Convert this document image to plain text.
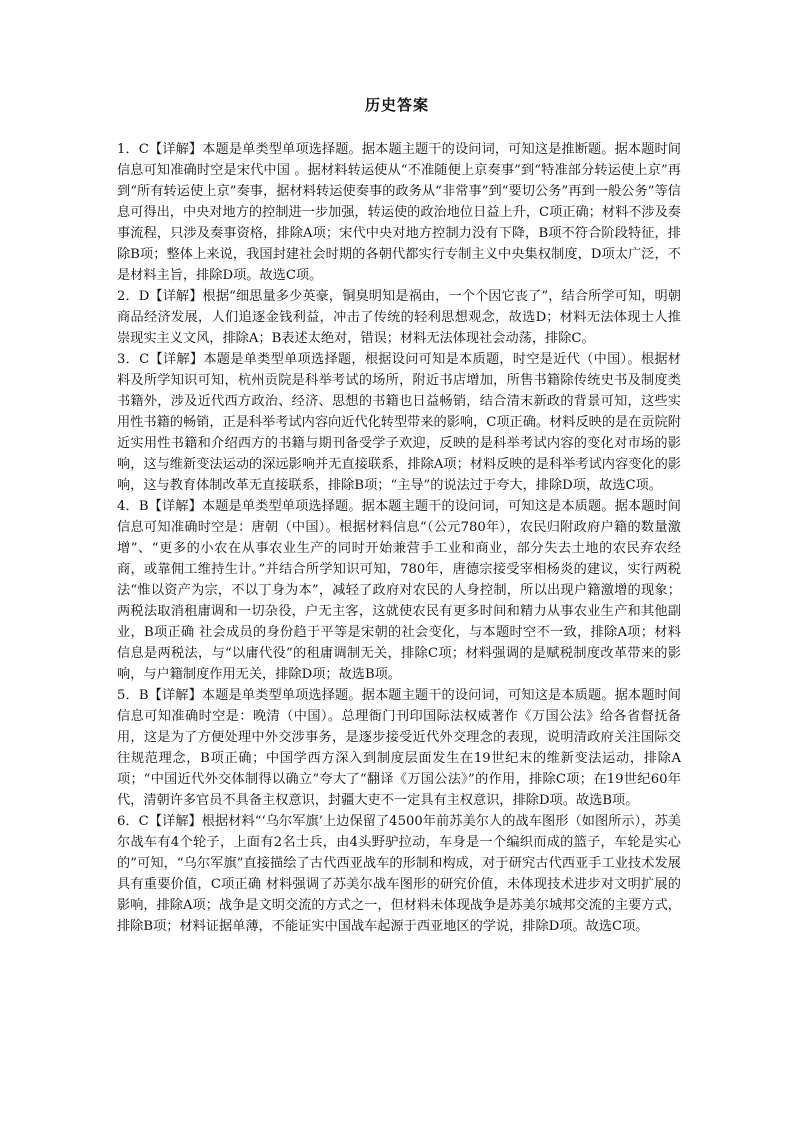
历史答案

1．C【详解】本题是单类型单项选择题。据本题主题干的设问词，可知这是推断题。据本题时间信息可知准确时空是宋代中国 。据材料转运使从“不准随便上京奏事”到“特准部分转运使上京”再到“所有转运使上京”奏事，据材料转运使奏事的政务从“非常事”到“要切公务”再到一般公务”等信息可得出，中央对地方的控制进一步加强，转运使的政治地位日益上升，C项正确；材料不涉及奏事流程，只涉及奏事资格，排除A项；宋代中央对地方控制力没有下降，B项不符合阶段特征，排除B项；整体上来说，我国封建社会时期的各朝代都实行专制主义中央集权制度，D项太广泛，不是材料主旨，排除D项。故选C项。

2．D【详解】根据“细思量多少英豪，铜臭明知是祸由，一个个因它丧了”，结合所学可知，明朝商品经济发展，人们追逐金钱利益，冲击了传统的轻利思想观念，故选D；材料无法体现士人推崇现实主义文风，排除A；B表述太绝对，错误；材料无法体现社会动荡，排除C。

3．C【详解】本题是单类型单项选择题，根据设问可知是本质题，时空是近代（中国）。根据材料及所学知识可知，杭州贡院是科举考试的场所，附近书店增加，所售书籍除传统史书及制度类书籍外，涉及近代西方政治、经济、思想的书籍也日益畅销，结合清末新政的背景可知，这些实用性书籍的畅销，正是科举考试内容向近代化转型带来的影响，C项正确。材料反映的是在贡院附近实用性书籍和介绍西方的书籍与期刊备受学子欢迎，反映的是科举考试内容的变化对市场的影响，这与维新变法运动的深远影响并无直接联系，排除A项；材料反映的是科举考试内容变化的影响，这与教育体制改革无直接联系，排除B项；“主导”的说法过于夸大，排除D项，故选C项。

4．B【详解】本题是单类型单项选择题。据本题主题干的设问词，可知这是本质题。据本题时间信息可知准确时空是：唐朝（中国）。根据材料信息“（公元780年），农民归附政府户籍的数量激增”、“更多的小农在从事农业生产的同时开始兼营手工业和商业，部分失去土地的农民弃农经商，或靠佣工维持生计。”并结合所学知识可知，780年，唐德宗接受宰相杨炎的建议，实行两税法“惟以资产为宗，不以丁身为本”，减轻了政府对农民的人身控制，所以出现户籍激增的现象；两税法取消租庸调和一切杂役，户无主客，这就使农民有更多时间和精力从事农业生产和其他副业，B项正确 社会成员的身份趋于平等是宋朝的社会变化，与本题时空不一致，排除A项；材料信息是两税法，与“以庸代役”的租庸调制无关，排除C项；材料强调的是赋税制度改革带来的影响，与户籍制度作用无关，排除D项；故选B项。

5．B【详解】本题是单类型单项选择题。据本题主题干的设问词，可知这是本质题。据本题时间信息可知准确时空是：晚清（中国）。总理衙门刊印国际法权威著作《万国公法》给各省督抚备用，这是为了方便处理中外交涉事务，是逐步接受近代外交理念的表现，说明清政府关注国际交往规范理念，B项正确；中国学西方深入到制度层面发生在19世纪末的维新变法运动，排除A项；“中国近代外交体制得以确立”夸大了“翻译《万国公法》”的作用，排除C项；在19世纪60年代，清朝许多官员不具备主权意识，封疆大吏不一定具有主权意识，排除D项。故选B项。

6．C【详解】根据材料“‘乌尔军旗’上边保留了4500年前苏美尔人的战车图形（如图所示），苏美尔战车有4个轮子，上面有2名士兵，由4头野驴拉动，车身是一个编织而成的篮子，车轮是实心的”可知，“乌尔军旗”直接描绘了古代西亚战车的形制和构成，对于研究古代西亚手工业技术发展具有重要价值，C项正确 材料强调了苏美尔战车图形的研究价值，未体现技术进步对文明扩展的影响，排除A项；战争是文明交流的方式之一，但材料未体现战争是苏美尔城邦交流的主要方式，排除B项；材料证据单薄，不能证实中国战车起源于西亚地区的学说，排除D项。故选C项。
